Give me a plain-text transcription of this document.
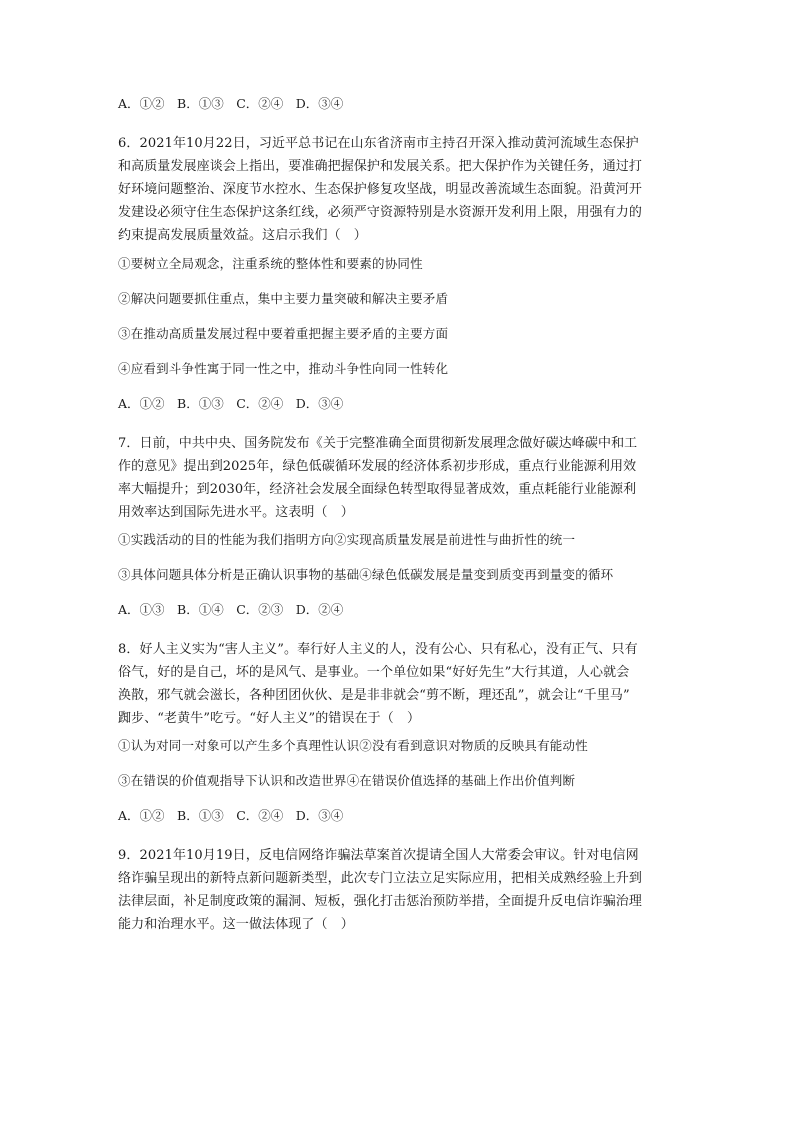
A．①②　B．①③　C．②④　D．③④
6．2021年10月22日，习近平总书记在山东省济南市主持召开深入推动黄河流域生态保护
和高质量发展座谈会上指出，要准确把握保护和发展关系。把大保护作为关键任务，通过打
好环境问题整治、深度节水控水、生态保护修复攻坚战，明显改善流域生态面貌。沿黄河开
发建设必须守住生态保护这条红线，必须严守资源特别是水资源开发利用上限，用强有力的
约束提高发展质量效益。这启示我们（　）
①要树立全局观念，注重系统的整体性和要素的协同性
②解决问题要抓住重点，集中主要力量突破和解决主要矛盾
③在推动高质量发展过程中要着重把握主要矛盾的主要方面
④应看到斗争性寓于同一性之中，推动斗争性向同一性转化
A．①②　B．①③　C．②④　D．③④
7．日前，中共中央、国务院发布《关于完整准确全面贯彻新发展理念做好碳达峰碳中和工
作的意见》提出到2025年，绿色低碳循环发展的经济体系初步形成，重点行业能源利用效
率大幅提升；到2030年，经济社会发展全面绿色转型取得显著成效，重点耗能行业能源利
用效率达到国际先进水平。这表明（　）
①实践活动的目的性能为我们指明方向②实现高质量发展是前进性与曲折性的统一
③具体问题具体分析是正确认识事物的基础④绿色低碳发展是量变到质变再到量变的循环
A．①③　B．①④　C．②③　D．②④
8．好人主义实为“害人主义”。奉行好人主义的人，没有公心、只有私心，没有正气、只有
俗气，好的是自己，坏的是风气、是事业。一个单位如果“好好先生”大行其道，人心就会
涣散，邪气就会滋长，各种团团伙伙、是是非非就会“剪不断，理还乱”，就会让“千里马”
踟步、“老黄牛”吃亏。“好人主义”的错误在于（　）
①认为对同一对象可以产生多个真理性认识②没有看到意识对物质的反映具有能动性
③在错误的价值观指导下认识和改造世界④在错误价值选择的基础上作出价值判断
A．①②　B．①③　C．②④　D．③④
9．2021年10月19日，反电信网络诈骗法草案首次提请全国人大常委会审议。针对电信网
络诈骗呈现出的新特点新问题新类型，此次专门立法立足实际应用，把相关成熟经验上升到
法律层面，补足制度政策的漏洞、短板，强化打击惩治预防举措，全面提升反电信诈骗治理
能力和治理水平。这一做法体现了（　）
